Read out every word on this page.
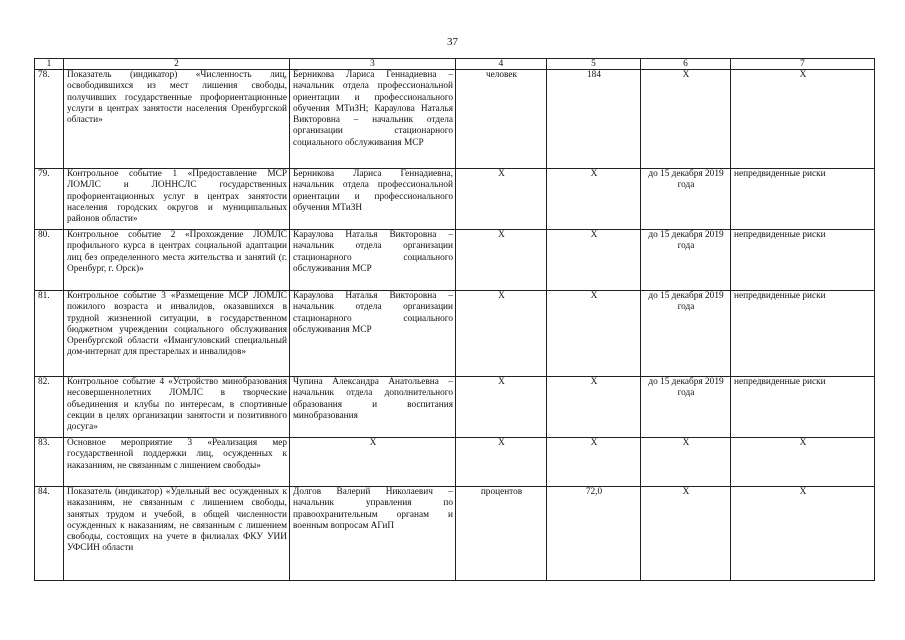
37
1	2	3	4	5	6	7
78.	Показатель (индикатор) «Численность лиц, освободившихся из мест лишения свободы, получивших государственные профориентационные услуги в центрах занятости населения Оренбургской области»	Берникова Лариса Геннадиевна – начальник отдела профессиональной ориентации и профессионального обучения МТиЗН; Караулова Наталья Викторовна – начальник отдела организации стационарного социального обслуживания МСР	человек	184	Х	Х
79.	Контрольное событие 1 «Предоставление МСР ЛОМЛС и ЛОННСЛС государственных профориентационных услуг в центрах занятости населения городских округов и муниципальных районов области»	Берникова Лариса Геннадиевна, начальник отдела профессиональной ориентации и профессионального обучения МТиЗН	Х	Х	до 15 декабря 2019 года	непредвиденные риски
80.	Контрольное событие 2 «Прохождение ЛОМЛС профильного курса в центрах социальной адаптации лиц без определенного места жительства и занятий (г. Оренбург, г. Орск)»	Караулова Наталья Викторовна – начальник отдела организации стационарного социального обслуживания МСР	Х	Х	до 15 декабря 2019 года	непредвиденные риски
81.	Контрольное событие 3 «Размещение МСР ЛОМЛС пожилого возраста и инвалидов, оказавшихся в трудной жизненной ситуации, в государственном бюджетном учреждении социального обслуживания Оренбургской области «Имангуловский специальный дом-интернат для престарелых и инвалидов»	Караулова Наталья Викторовна – начальник отдела организации стационарного социального обслуживания МСР	Х	Х	до 15 декабря 2019 года	непредвиденные риски
82.	Контрольное событие 4 «Устройство минобразования несовершеннолетних ЛОМЛС в творческие объединения и клубы по интересам, в спортивные секции в целях организации занятости и позитивного досуга»	Чупина Александра Анатольевна – начальник отдела дополнительного образования и воспитания минобразования	Х	Х	до 15 декабря 2019 года	непредвиденные риски
83.	Основное мероприятие 3 «Реализация мер государственной поддержки лиц, осужденных к наказаниям, не связанным с лишением свободы»	Х	Х	Х	Х	Х
84.	Показатель (индикатор) «Удельный вес осужденных к наказаниям, не связанным с лишением свободы, занятых трудом и учебой, в общей численности осужденных к наказаниям, не связанным с лишением свободы, состоящих на учете в филиалах ФКУ УИИ УФСИН области	Долгов Валерий Николаевич – начальник управления по правоохранительным органам и военным вопросам АГиП	процентов	72,0	Х	Х
